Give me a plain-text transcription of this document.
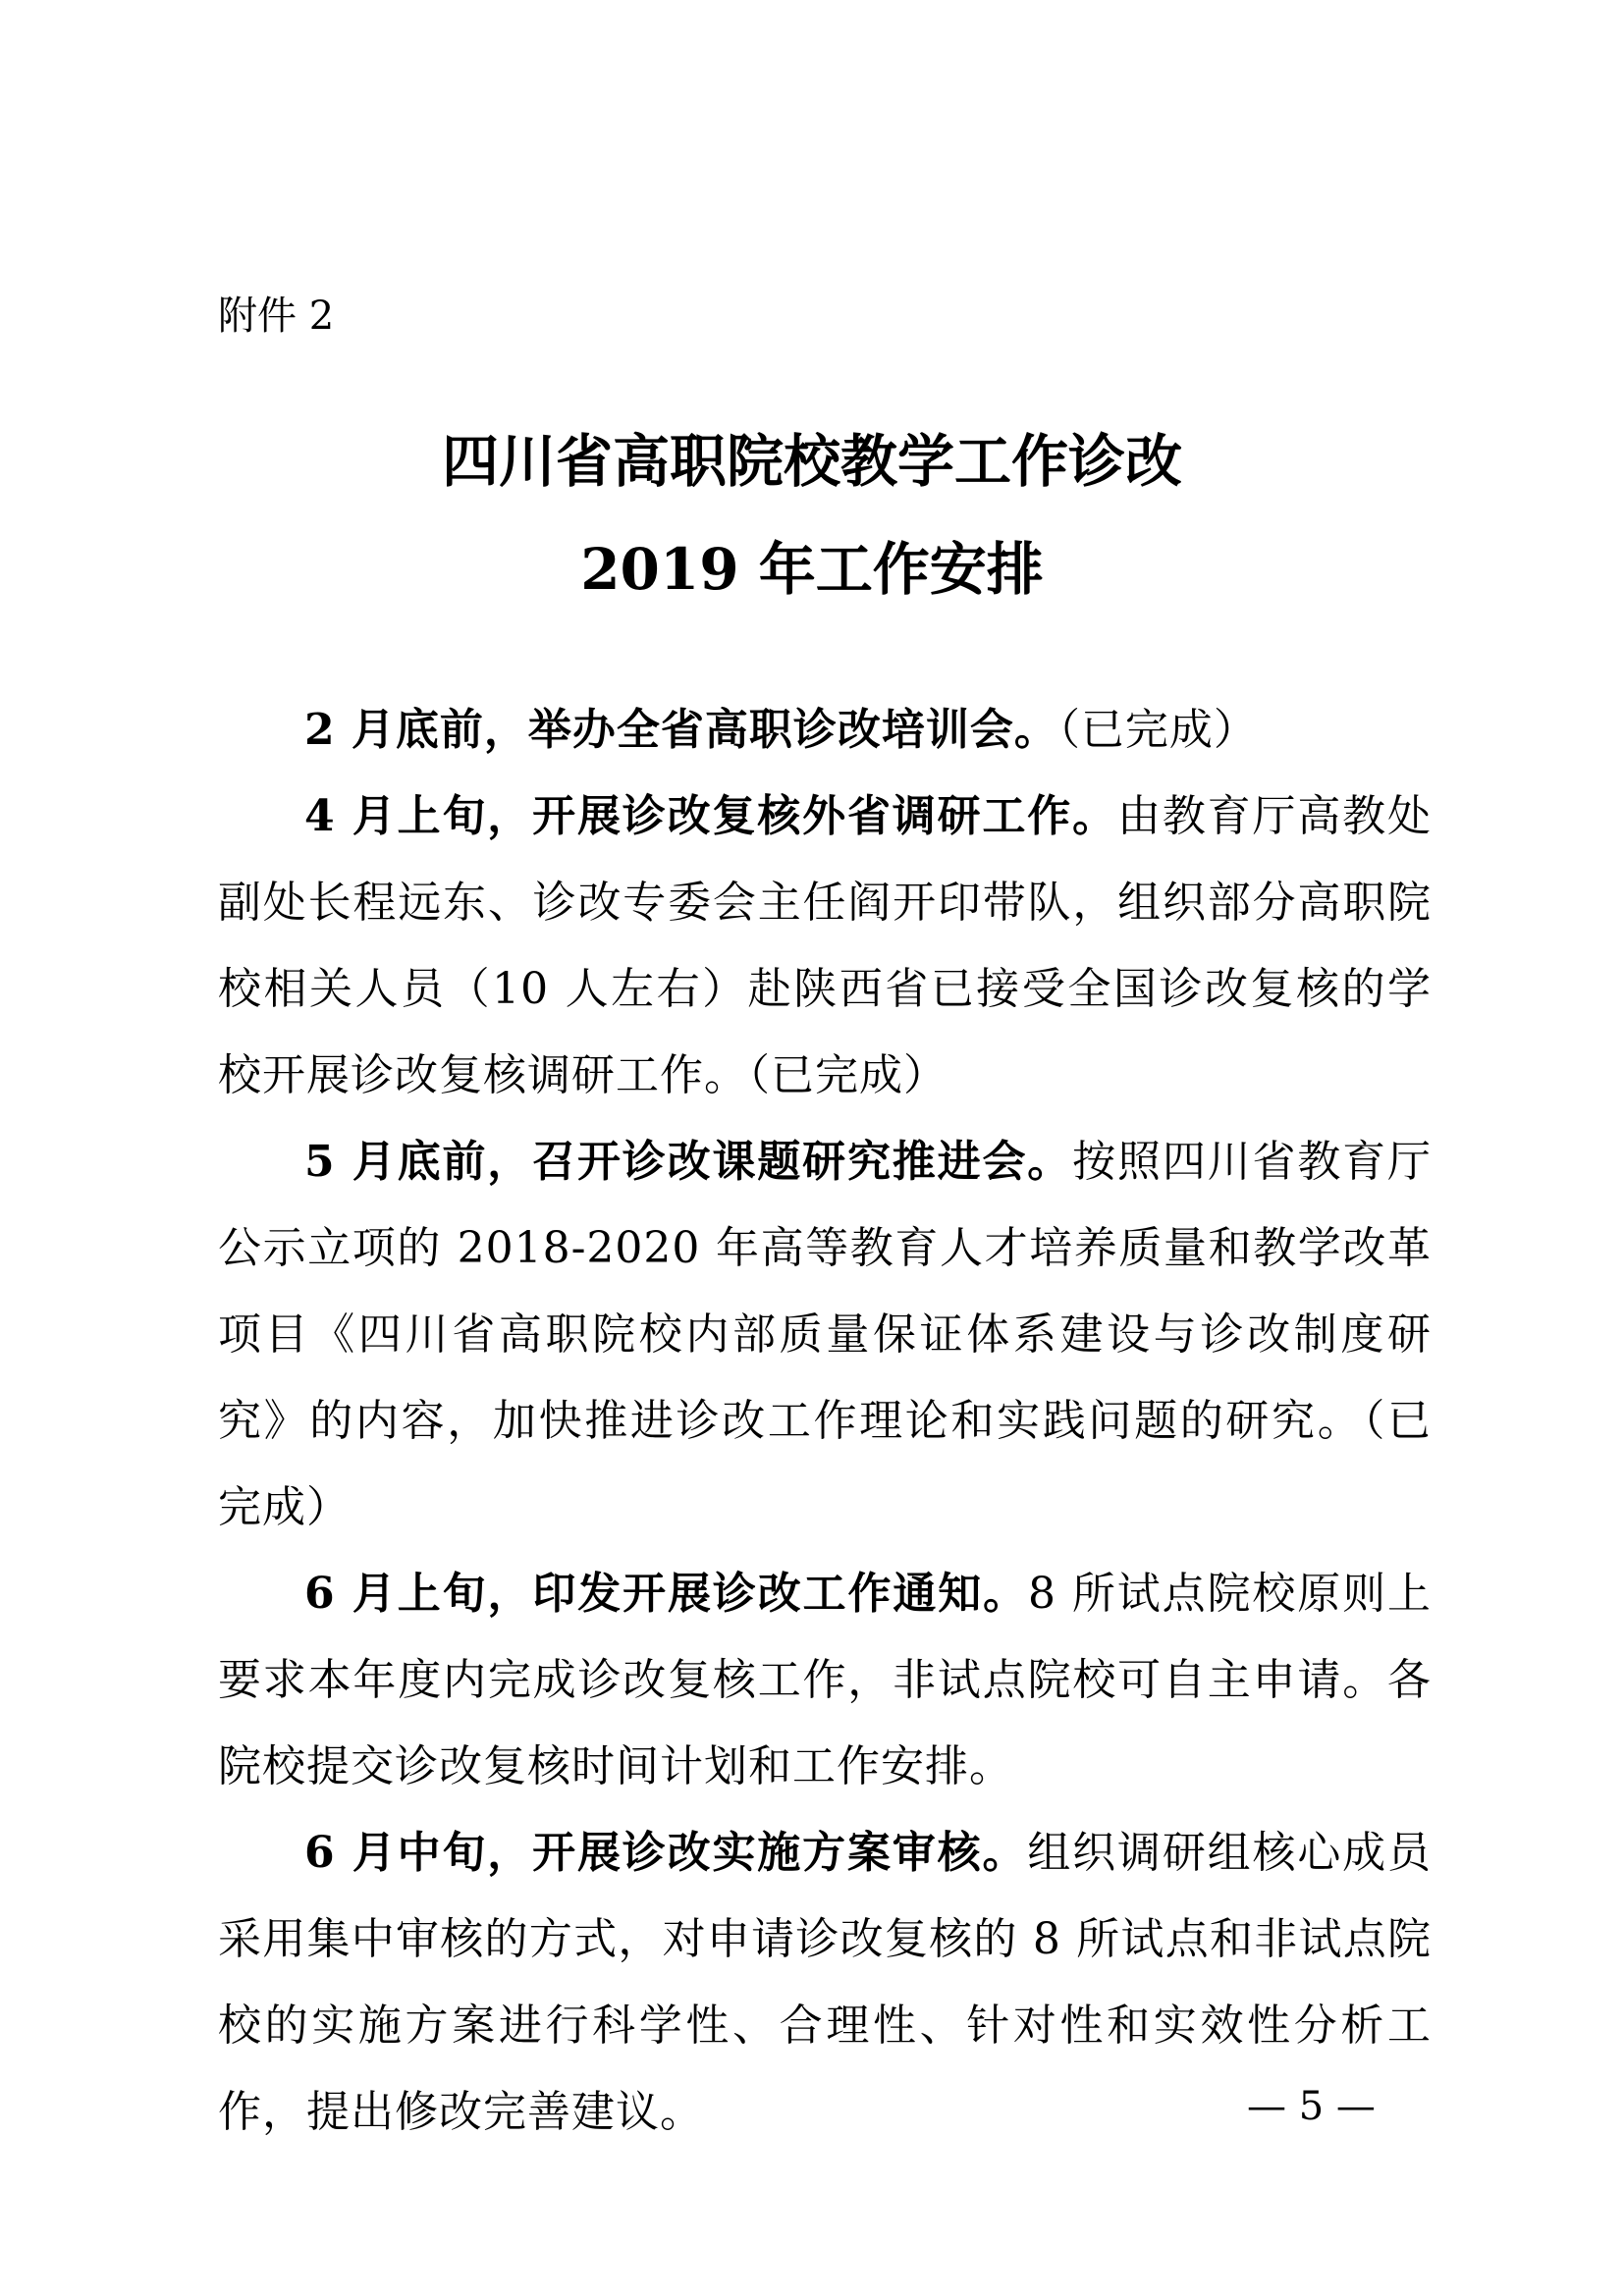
附件 2

四川省高职院校教学工作诊改
2019 年工作安排

2 月底前，举办全省高职诊改培训会。（已完成）

4 月上旬，开展诊改复核外省调研工作。由教育厅高教处副处长程远东、诊改专委会主任阎开印带队，组织部分高职院校相关人员（10 人左右）赴陕西省已接受全国诊改复核的学校开展诊改复核调研工作。（已完成）

5 月底前，召开诊改课题研究推进会。按照四川省教育厅公示立项的 2018-2020 年高等教育人才培养质量和教学改革项目《四川省高职院校内部质量保证体系建设与诊改制度研究》的内容，加快推进诊改工作理论和实践问题的研究。（已完成）

6 月上旬，印发开展诊改工作通知。8 所试点院校原则上要求本年度内完成诊改复核工作，非试点院校可自主申请。各院校提交诊改复核时间计划和工作安排。

6 月中旬，开展诊改实施方案审核。组织调研组核心成员采用集中审核的方式，对申请诊改复核的 8 所试点和非试点院校的实施方案进行科学性、合理性、针对性和实效性分析工作，提出修改完善建议。	— 5 —
